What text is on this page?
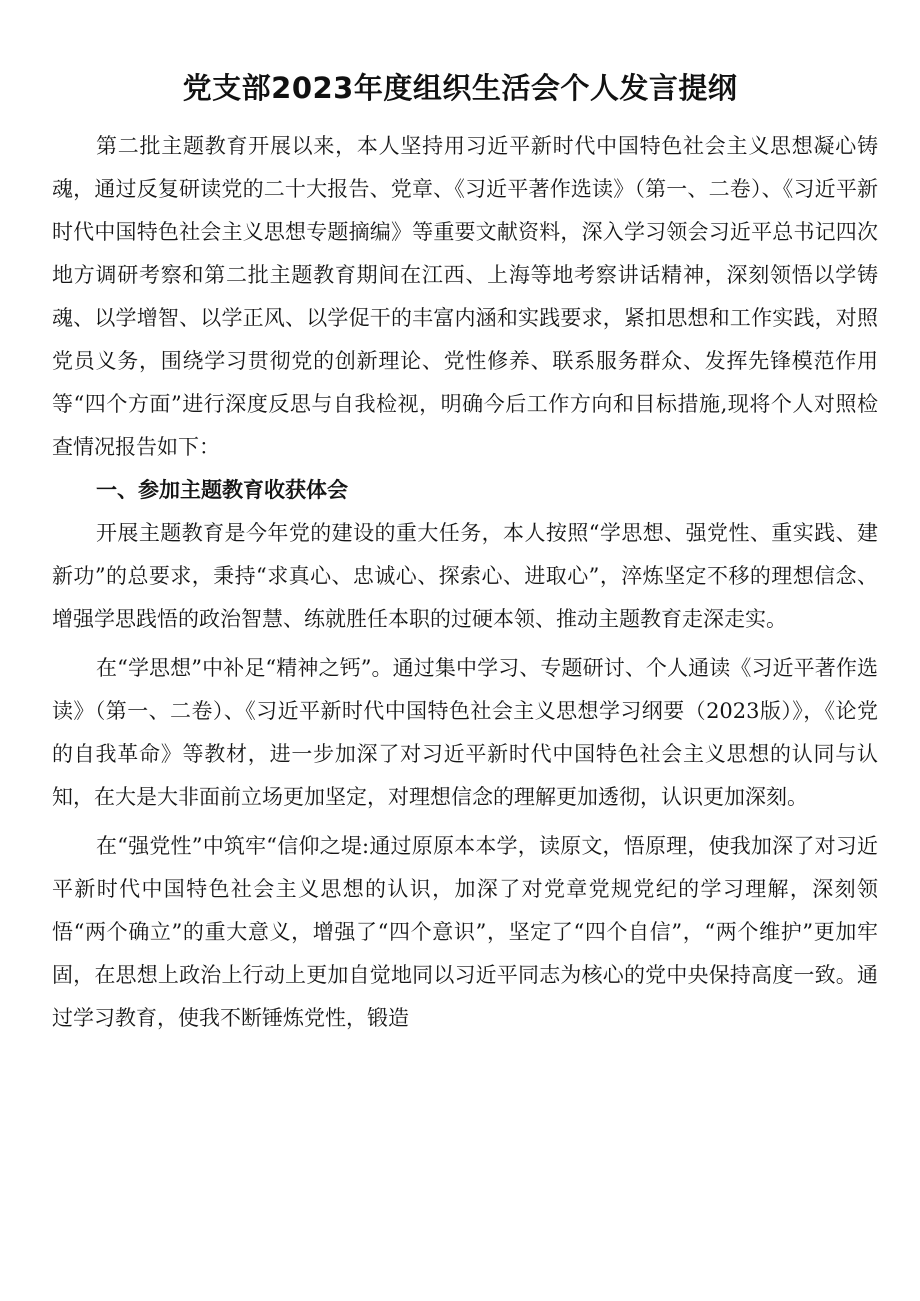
党支部2023年度组织生活会个人发言提纲

第二批主题教育开展以来，本人坚持用习近平新时代中国特色社会主义思想凝心铸魂，通过反复研读党的二十大报告、党章、《习近平著作选读》（第一、二卷）、《习近平新时代中国特色社会主义思想专题摘编》等重要文献资料，深入学习领会习近平总书记四次地方调研考察和第二批主题教育期间在江西、上海等地考察讲话精神，深刻领悟以学铸魂、以学增智、以学正风、以学促干的丰富内涵和实践要求，紧扣思想和工作实践，对照党员义务，围绕学习贯彻党的创新理论、党性修养、联系服务群众、发挥先锋模范作用等“四个方面”进行深度反思与自我检视，明确今后工作方向和目标措施,现将个人对照检查情况报告如下：

一、参加主题教育收获体会

开展主题教育是今年党的建设的重大任务，本人按照“学思想、强党性、重实践、建新功”的总要求，秉持“求真心、忠诚心、探索心、进取心”，淬炼坚定不移的理想信念、增强学思践悟的政治智慧、练就胜任本职的过硬本领、推动主题教育走深走实。

在“学思想”中补足“精神之钙”。通过集中学习、专题研讨、个人通读《习近平著作选读》（第一、二卷）、《习近平新时代中国特色社会主义思想学习纲要（2023版）》，《论党的自我革命》等教材，进一步加深了对习近平新时代中国特色社会主义思想的认同与认知，在大是大非面前立场更加坚定，对理想信念的理解更加透彻，认识更加深刻。

在“强党性”中筑牢“信仰之堤:通过原原本本学，读原文，悟原理，使我加深了对习近平新时代中国特色社会主义思想的认识，加深了对党章党规党纪的学习理解，深刻领悟“两个确立”的重大意义，增强了“四个意识”，坚定了“四个自信”，“两个维护”更加牢固，在思想上政治上行动上更加自觉地同以习近平同志为核心的党中央保持高度一致。通过学习教育，使我不断锤炼党性，锻造
